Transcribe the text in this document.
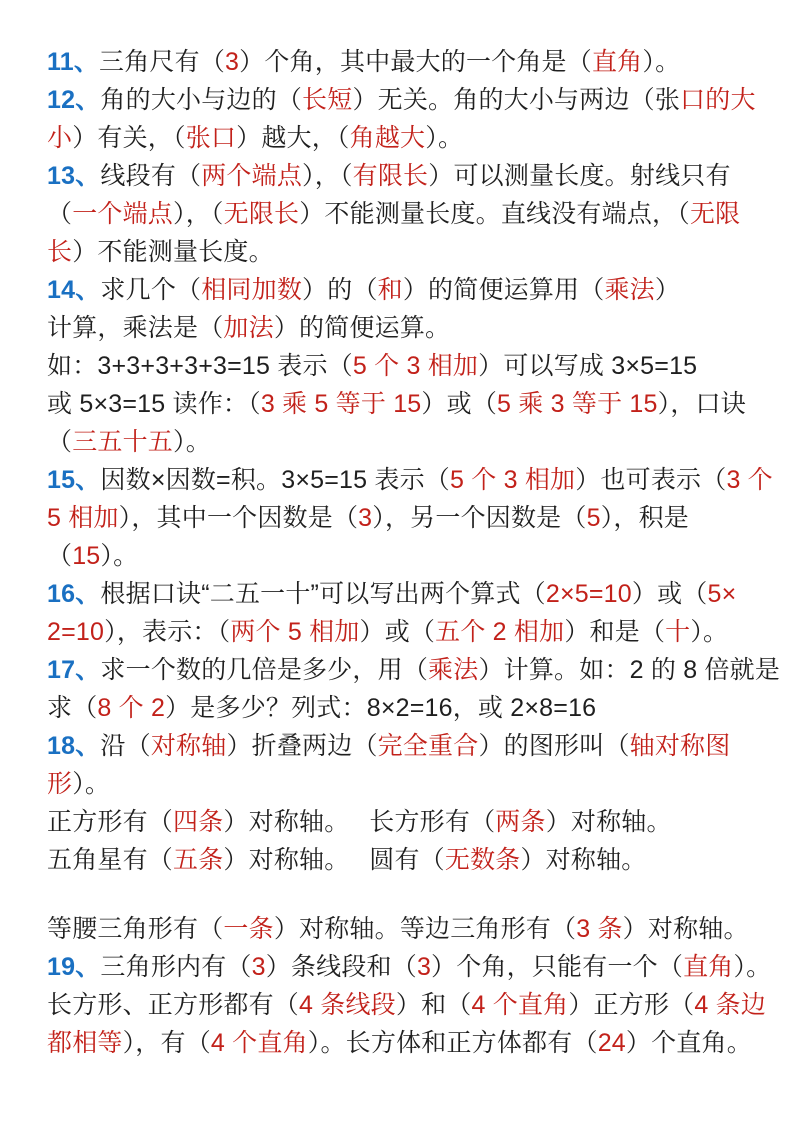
11、三角尺有（3）个角，其中最大的一个角是（直角）。
12、角的大小与边的（长短）无关。角的大小与两边（张口的大
小）有关，（张口）越大，（角越大）。
13、线段有（两个端点），（有限长）可以测量长度。射线只有
（一个端点），（无限长）不能测量长度。直线没有端点，（无限
长）不能测量长度。
14、求几个（相同加数）的（和）的简便运算用（乘法）
计算，乘法是（加法）的简便运算。
如：3+3+3+3+3=15 表示（5 个 3 相加）可以写成 3×5=15
或 5×3=15 读作：（3 乘 5 等于 15）或（5 乘 3 等于 15），口诀
（三五十五）。
15、因数×因数=积。3×5=15 表示（5 个 3 相加）也可表示（3 个
5 相加），其中一个因数是（3），另一个因数是（5），积是
（15）。
16、根据口诀“二五一十”可以写出两个算式（2×5=10）或（5×
2=10），表示：（两个 5 相加）或（五个 2 相加）和是（十）。
17、求一个数的几倍是多少，用（乘法）计算。如：2 的 8 倍就是
求（8 个 2）是多少？列式：8×2=16，或 2×8=16
18、沿（对称轴）折叠两边（完全重合）的图形叫（轴对称图
形）。
正方形有（四条）对称轴。　 长方形有（两条）对称轴。
五角星有（五条）对称轴。　 圆有（无数条）对称轴。
等腰三角形有（一条）对称轴。等边三角形有（3 条）对称轴。
19、三角形内有（3）条线段和（3）个角，只能有一个（直角）。
长方形、正方形都有（4 条线段）和（4 个直角）正方形（4 条边
都相等），有（4 个直角）。长方体和正方体都有（24）个直角。
